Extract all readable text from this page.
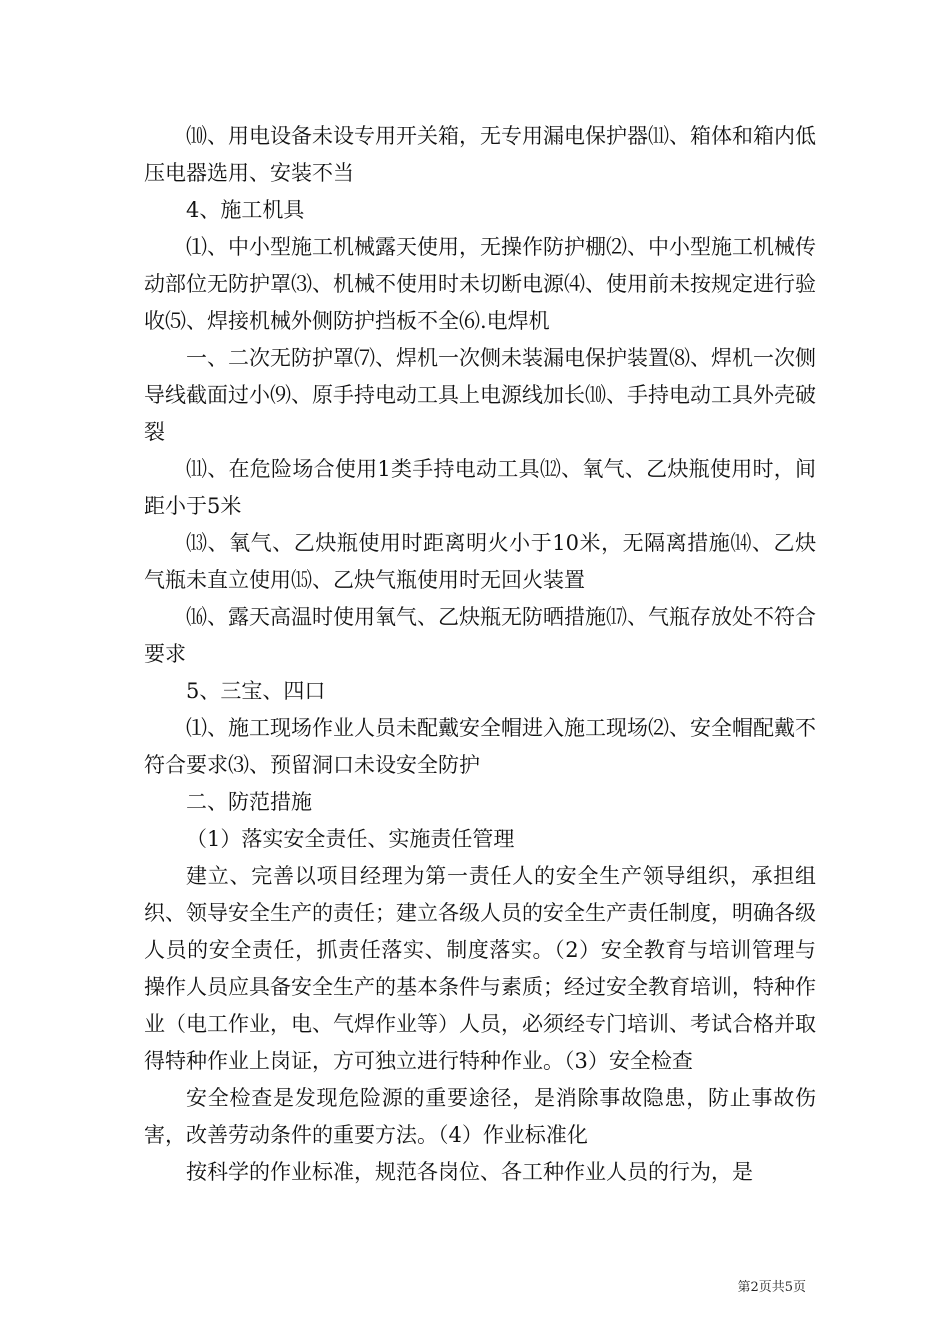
⑽、用电设备未设专用开关箱，无专用漏电保护器⑾、箱体和箱内低压电器选用、安装不当

4、施工机具

⑴、中小型施工机械露天使用，无操作防护棚⑵、中小型施工机械传动部位无防护罩⑶、机械不使用时未切断电源⑷、使用前未按规定进行验收⑸、焊接机械外侧防护挡板不全⑹.电焊机

一、二次无防护罩⑺、焊机一次侧未装漏电保护装置⑻、焊机一次侧导线截面过小⑼、原手持电动工具上电源线加长⑽、手持电动工具外壳破裂

⑾、在危险场合使用1类手持电动工具⑿、氧气、乙炔瓶使用时，间距小于5米

⒀、氧气、乙炔瓶使用时距离明火小于10米，无隔离措施⒁、乙炔气瓶未直立使用⒂、乙炔气瓶使用时无回火装置

⒃、露天高温时使用氧气、乙炔瓶无防晒措施⒄、气瓶存放处不符合要求

5、三宝、四口

⑴、施工现场作业人员未配戴安全帽进入施工现场⑵、安全帽配戴不符合要求⑶、预留洞口未设安全防护

二、防范措施

（1）落实安全责任、实施责任管理

建立、完善以项目经理为第一责任人的安全生产领导组织，承担组织、领导安全生产的责任；建立各级人员的安全生产责任制度，明确各级人员的安全责任，抓责任落实、制度落实。（2）安全教育与培训管理与操作人员应具备安全生产的基本条件与素质；经过安全教育培训，特种作业（电工作业，电、气焊作业等）人员，必须经专门培训、考试合格并取得特种作业上岗证，方可独立进行特种作业。（3）安全检查

安全检查是发现危险源的重要途径，是消除事故隐患，防止事故伤害，改善劳动条件的重要方法。（4）作业标准化

按科学的作业标准，规范各岗位、各工种作业人员的行为，是

第2页共5页
